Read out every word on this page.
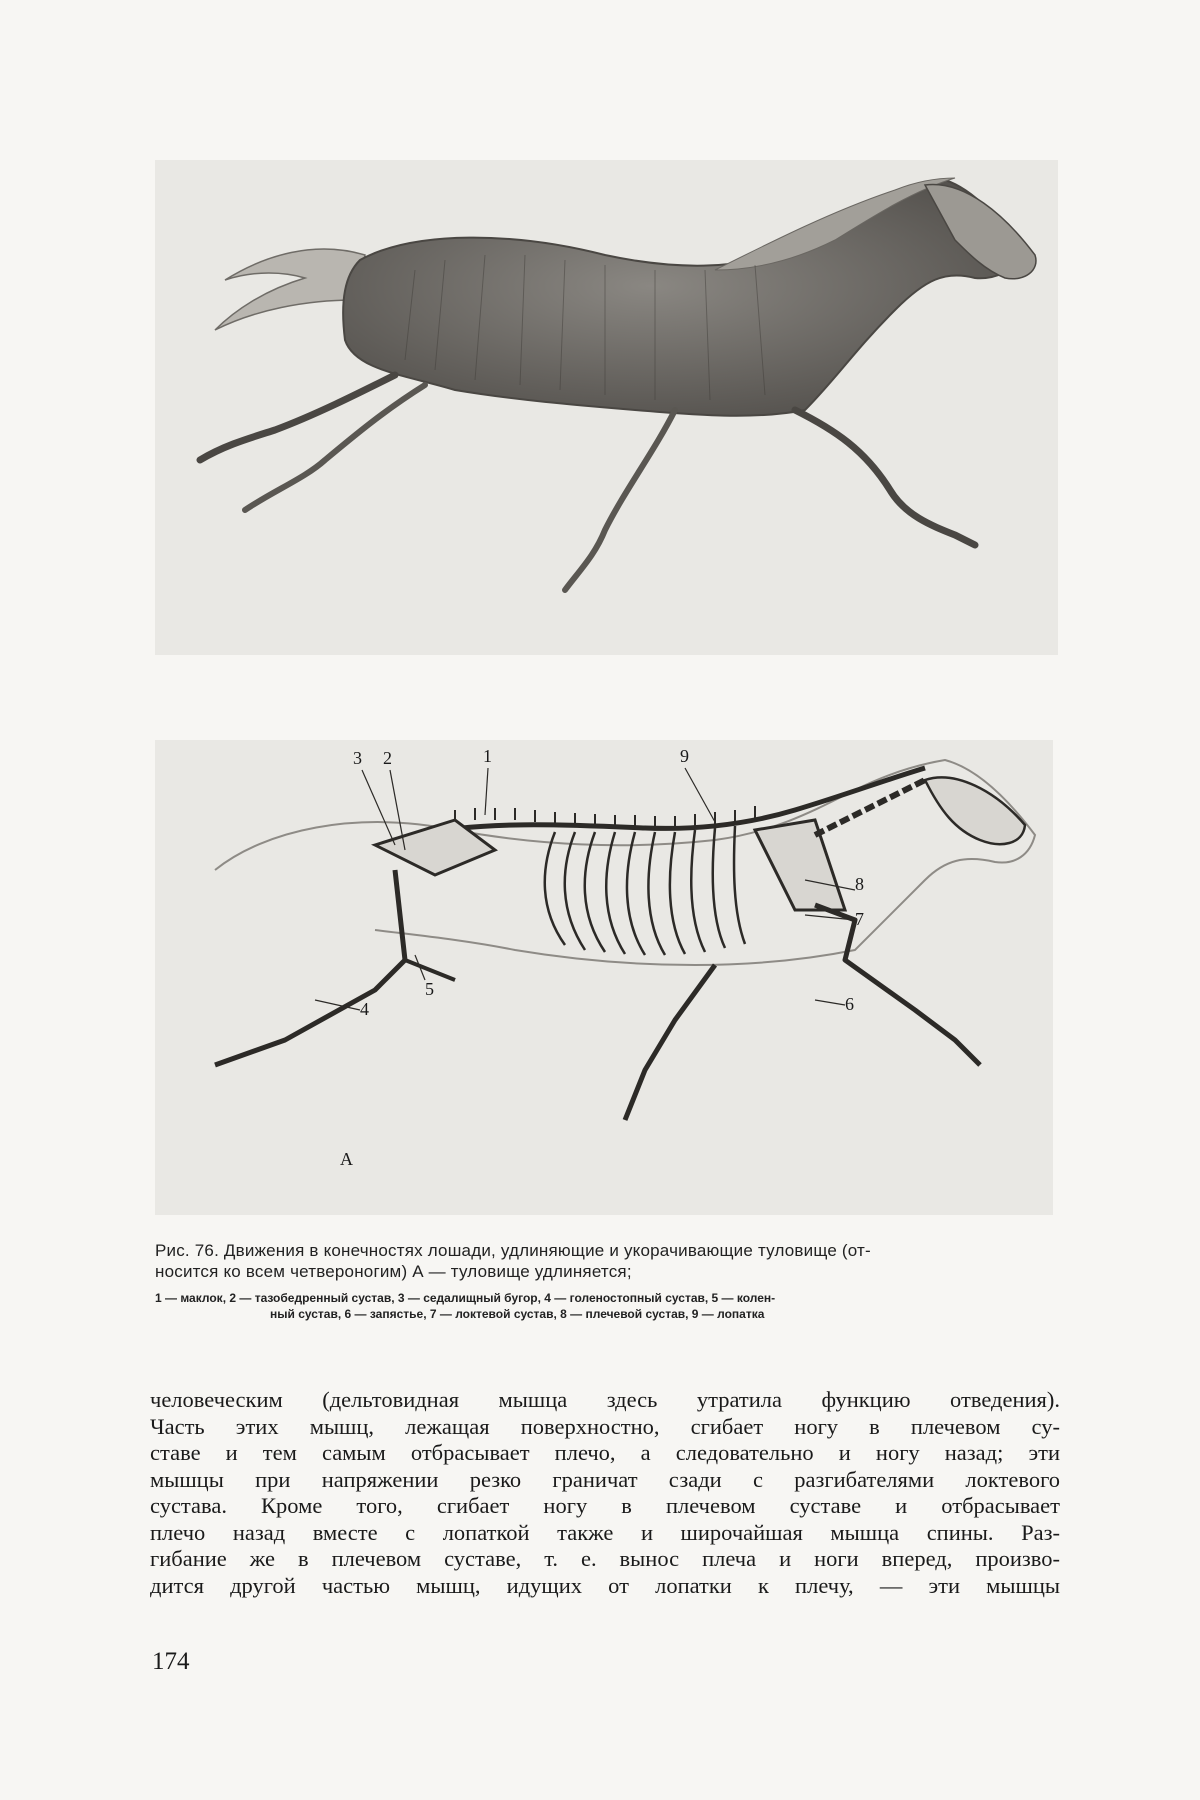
3 2	1	9
8
7
6
5
4
А
Рис. 76. Движения в конечностях лошади, удлиняющие и укорачивающие туловище (от-
носится ко всем четвероногим) А — туловище удлиняется;
1 — маклок, 2 — тазобедренный сустав, 3 — седалищный бугор, 4 — голеностопный сустав, 5 — колен-
ный сустав, 6 — запястье, 7 — локтевой сустав, 8 — плечевой сустав, 9 — лопатка

человеческим (дельтовидная мышца здесь утратила функцию отведения).
Часть этих мышц, лежащая поверхностно, сгибает ногу в плечевом су-
ставе и тем самым отбрасывает плечо, а следовательно и ногу назад; эти
мышцы при напряжении резко граничат сзади с разгибателями локтевого
сустава. Кроме того, сгибает ногу в плечевом суставе и отбрасывает
плечо назад вместе с лопаткой также и широчайшая мышца спины. Раз-
гибание же в плечевом суставе, т. е. вынос плеча и ноги вперед, произво-
дится другой частью мышц, идущих от лопатки к плечу, — эти мышцы

174
